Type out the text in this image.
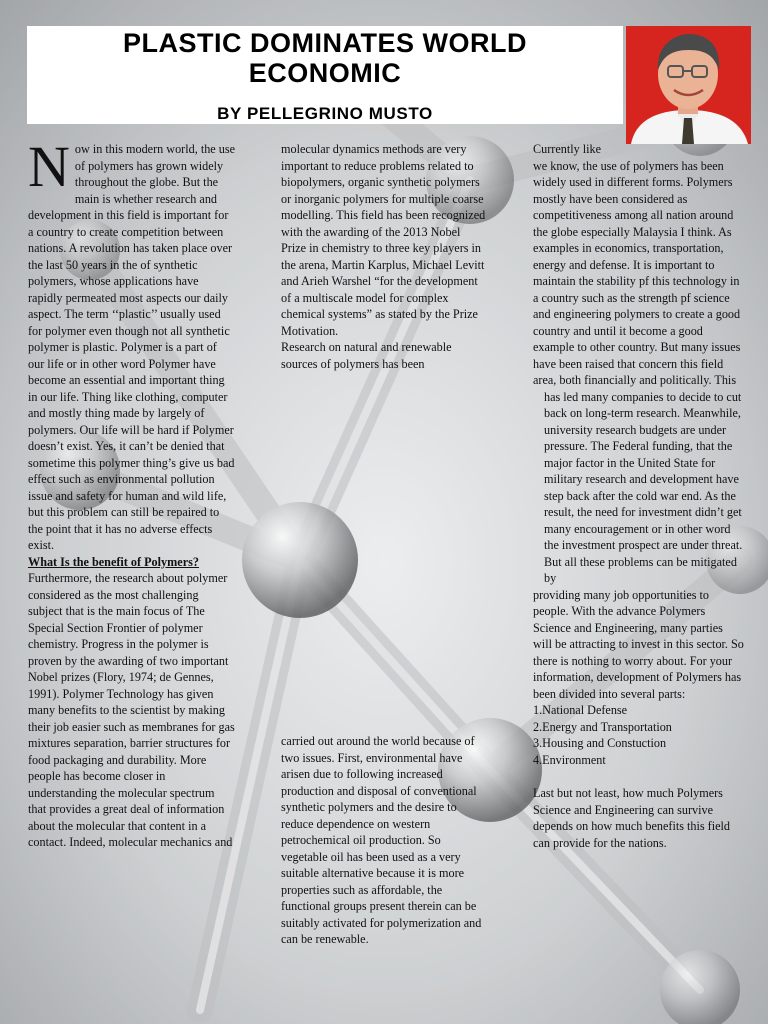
PLASTIC DOMINATES WORLD
ECONOMIC
BY PELLEGRINO MUSTO

Now in this modern world, the use of polymers has grown widely throughout the globe. But the main is whether research and development in this field is important for a country to create competition between nations. A revolution has taken place over the last 50 years in the of synthetic polymers, whose applications have rapidly permeated most aspects our daily aspect. The term ‘‘plastic’’ usually used for polymer even though not all synthetic polymer is plastic. Polymer is a part of our life or in other word Polymer have become an essential and important thing in our life. Thing like clothing, computer and mostly thing made by largely of polymers. Our life will be hard if Polymer doesn’t exist. Yes, it can’t be denied that sometime this polymer thing’s give us bad effect such as environmental pollution issue and safety for human and wild life, but this problem can still be repaired to the point that it has no adverse effects exist.

What Is the benefit of Polymers?

Furthermore, the research about polymer considered as the most challenging subject that is the main focus of The Special Section Frontier of polymer chemistry. Progress in the polymer is proven by the awarding of two important Nobel prizes (Flory, 1974; de Gennes, 1991). Polymer Technology has given many benefits to the scientist by making their job easier such as membranes for gas mixtures separation, barrier structures for food packaging and durability. More people has become closer in understanding the molecular spectrum that provides a great deal of information about the molecular that content in a contact. Indeed, molecular mechanics and

molecular dynamics methods are very important to reduce problems related to biopolymers, organic synthetic polymers or inorganic polymers for multiple coarse modelling. This field has been recognized with the awarding of the 2013 Nobel Prize in chemistry to three key players in the arena, Martin Karplus, Michael Levitt and Arieh Warshel “for the development of a multiscale model for complex chemical systems” as stated by the Prize Motivation.

Research on natural and renewable sources of polymers has been

carried out around the world because of two issues. First, environmental have arisen due to following increased production and disposal of conventional synthetic polymers and the desire to reduce dependence on western petrochemical oil production. So vegetable oil has been used as a very suitable alternative because it is more properties such as affordable, the functional groups present therein can be suitably activated for polymerization and can be renewable.

Currently like

we know, the use of polymers has been widely used in different forms. Polymers mostly have been considered as competitiveness among all nation around the globe especially Malaysia I think. As examples in economics, transportation, energy and defense. It is important to maintain the stability pf this technology in a country such as the strength pf science and engineering polymers to create a good country and until it become a good example to other country. But many issues have been raised that concern this field area, both financially and politically. This

has led many companies to decide to cut back on long-term research. Meanwhile, university research budgets are under pressure. The Federal funding, that the major factor in the United State for military research and development have step back after the cold war end. As the result, the need for investment didn’t get many encouragement or in other word the investment prospect are under threat. But all these problems can be mitigated by

providing many job opportunities to people. With the advance Polymers Science and Engineering, many parties will be attracting to invest in this sector. So there is nothing to worry about. For your information, development of Polymers has been divided into several parts:

1.National Defense
2.Energy and Transportation
3.Housing and Constuction
4.Environment

Last but not least, how much Polymers Science and Engineering can survive depends on how much benefits this field can provide for the nations.
